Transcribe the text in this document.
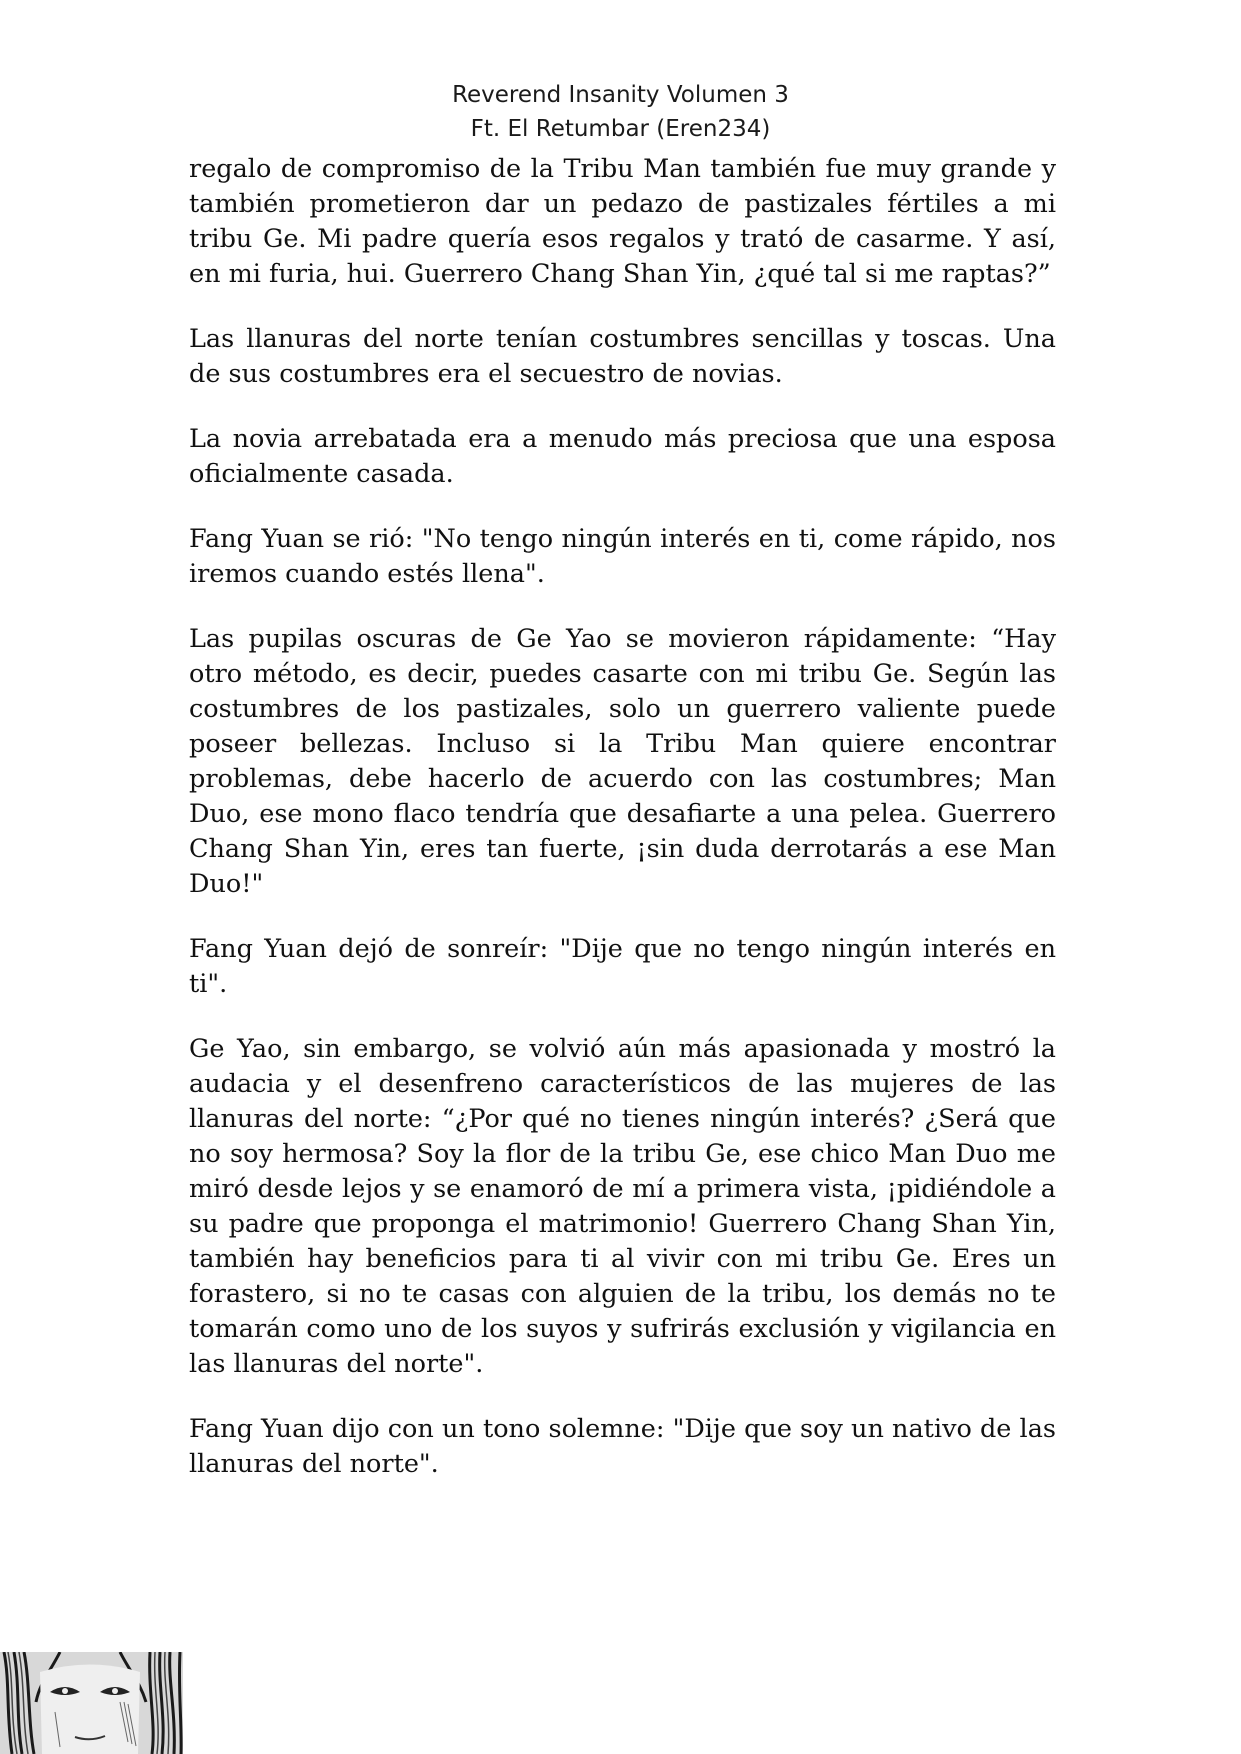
Reverend Insanity Volumen 3
Ft. El Retumbar (Eren234)

regalo de compromiso de la Tribu Man también fue muy grande y también prometieron dar un pedazo de pastizales fértiles a mi tribu Ge. Mi padre quería esos regalos y trató de casarme. Y así, en mi furia, hui. Guerrero Chang Shan Yin, ¿qué tal si me raptas?”

Las llanuras del norte tenían costumbres sencillas y toscas. Una de sus costumbres era el secuestro de novias.

La novia arrebatada era a menudo más preciosa que una esposa oficialmente casada.

Fang Yuan se rió: "No tengo ningún interés en ti, come rápido, nos iremos cuando estés llena".

Las pupilas oscuras de Ge Yao se movieron rápidamente: “Hay otro método, es decir, puedes casarte con mi tribu Ge. Según las costumbres de los pastizales, solo un guerrero valiente puede poseer bellezas. Incluso si la Tribu Man quiere encontrar problemas, debe hacerlo de acuerdo con las costumbres; Man Duo, ese mono flaco tendría que desafiarte a una pelea. Guerrero Chang Shan Yin, eres tan fuerte, ¡sin duda derrotarás a ese Man Duo!"

Fang Yuan dejó de sonreír: "Dije que no tengo ningún interés en ti".

Ge Yao, sin embargo, se volvió aún más apasionada y mostró la audacia y el desenfreno característicos de las mujeres de las llanuras del norte: “¿Por qué no tienes ningún interés? ¿Será que no soy hermosa? Soy la flor de la tribu Ge, ese chico Man Duo me miró desde lejos y se enamoró de mí a primera vista, ¡pidiéndole a su padre que proponga el matrimonio! Guerrero Chang Shan Yin, también hay beneficios para ti al vivir con mi tribu Ge. Eres un forastero, si no te casas con alguien de la tribu, los demás no te tomarán como uno de los suyos y sufrirás exclusión y vigilancia en las llanuras del norte".

Fang Yuan dijo con un tono solemne: "Dije que soy un nativo de las llanuras del norte".
